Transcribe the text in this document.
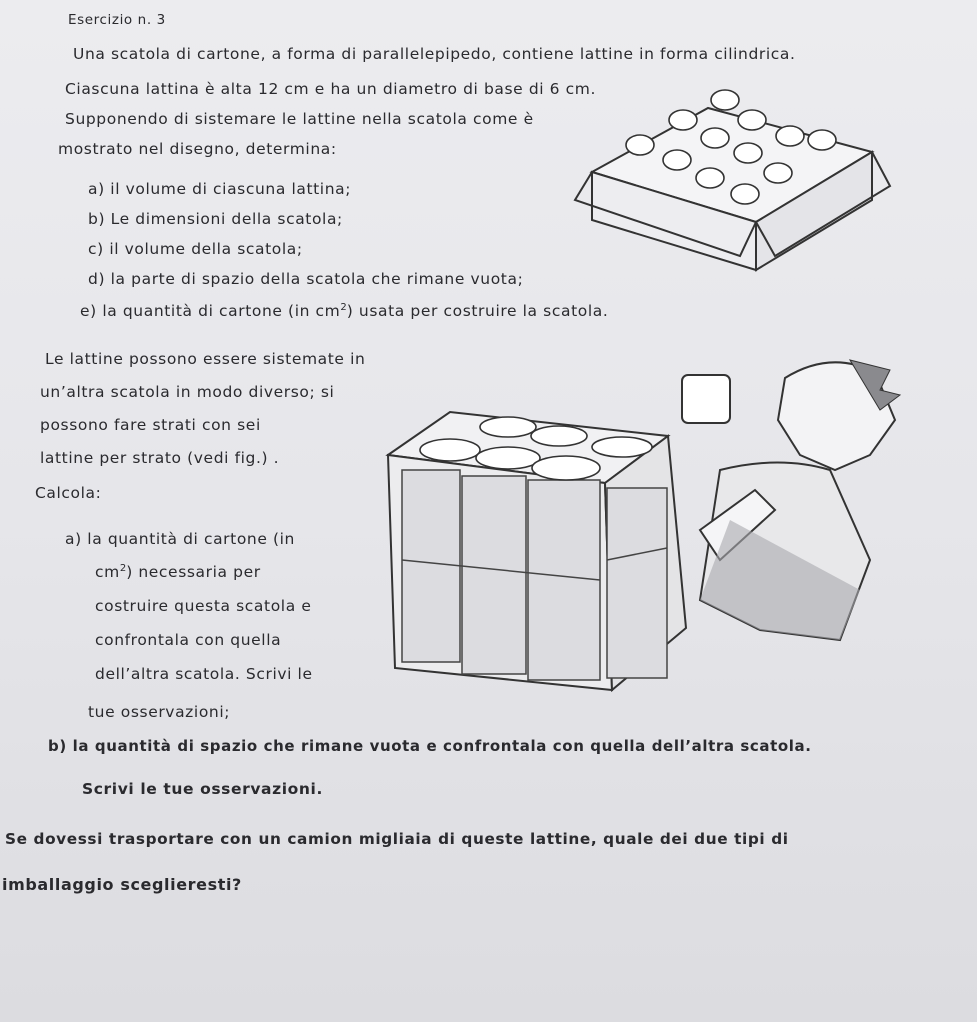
Esercizio n. 3
Una scatola di cartone, a forma di parallelepipedo, contiene lattine in forma cilindrica.
Ciascuna lattina è alta 12 cm e ha un diametro di base di 6 cm.
Supponendo di sistemare le lattine nella scatola come è
mostrato nel disegno, determina:
a) il volume di ciascuna lattina;
b) Le dimensioni della scatola;
c) il volume della scatola;
d) la parte di spazio della scatola che rimane vuota;
e) la quantità di cartone (in $cm^2$) usata per costruire la scatola.
Le lattine possono essere sistemate in
un’altra scatola in modo diverso; si
possono fare strati con sei
lattine per strato (vedi fig.) .
Calcola:
a) la quantità di cartone (in
$cm^2$) necessaria per
costruire questa scatola e
confrontala con quella
dell’altra scatola. Scrivi le
tue osservazioni;
b) la quantità di spazio che rimane vuota e confrontala con quella dell’altra scatola.
Scrivi le tue osservazioni.
Se dovessi trasportare con un camion migliaia di queste lattine, quale dei due tipi di
imballaggio sceglieresti?
